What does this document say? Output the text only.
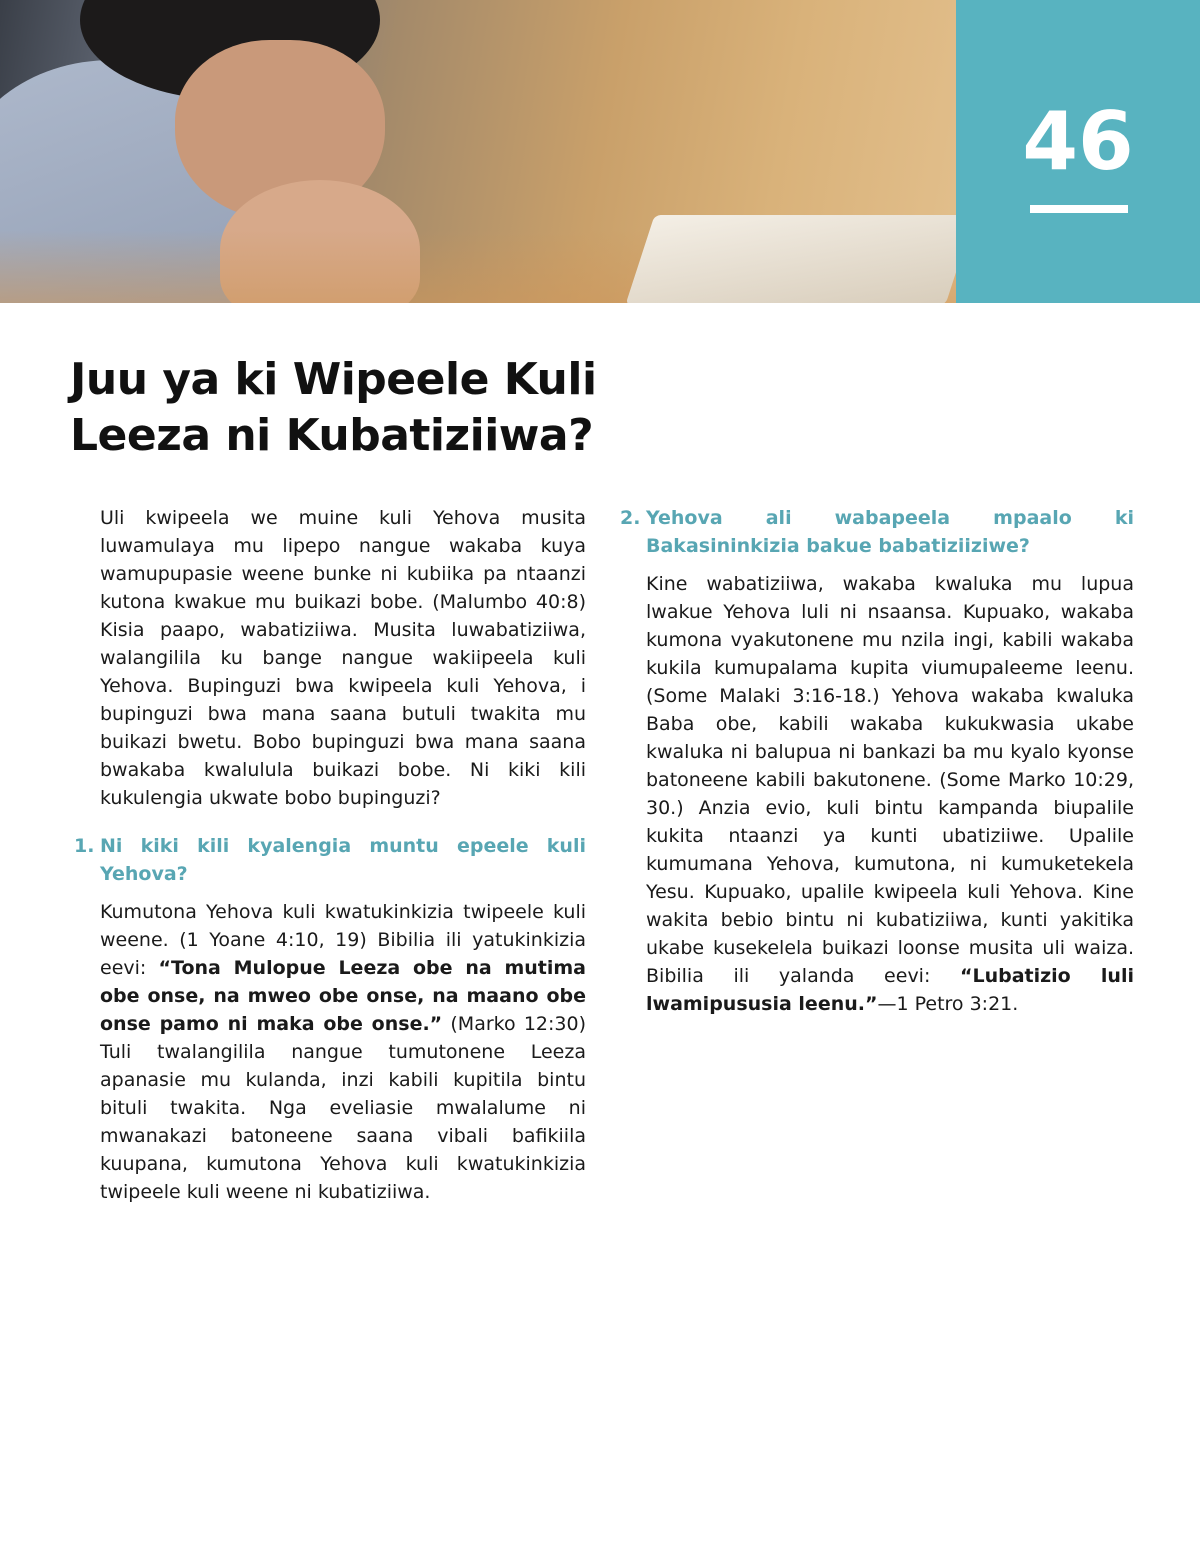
46
Juu ya ki Wipeele Kuli
Leeza ni Kubatiziiwa?

Uli kwipeela we muine kuli Yehova musita luwamulaya mu lipepo nangue wakaba kuya wamupupasie weene bunke ni kubiika pa ntaanzi kutona kwakue mu buikazi bobe. (Malumbo 40:8) Kisia paapo, wabatiziiwa. Musita luwabatiziiwa, walangilila ku bange nangue wakiipeela kuli Yehova. Bupinguzi bwa kwipeela kuli Yehova, i bupinguzi bwa mana saana butuli twakita mu buikazi bwetu. Bobo bupinguzi bwa mana saana bwakaba kwalulula buikazi bobe. Ni kiki kili kukulengia ukwate bobo bupinguzi?

1. Ni kiki kili kyalengia muntu epeele kuli Yehova?

Kumutona Yehova kuli kwatukinkizia twipeele kuli weene. (1 Yoane 4:10, 19) Bibilia ili yatukinkizia eevi: “Tona Mulopue Leeza obe na mutima obe onse, na mweo obe onse, na maano obe onse pamo ni maka obe onse.” (Marko 12:30) Tuli twalangilila nangue tumutonene Leeza apanasie mu kulanda, inzi kabili kupitila bintu bituli twakita. Nga eveliasie mwalalume ni mwanakazi batoneene saana vibali bafikiila kuupana, kumutona Yehova kuli kwatukinkizia twipeele kuli weene ni kubatiziiwa.

2. Yehova ali wabapeela mpaalo ki Bakasininkizia bakue babatiziiziwe?

Kine wabatiziiwa, wakaba kwaluka mu lupua lwakue Yehova luli ni nsaansa. Kupuako, wakaba kumona vyakutonene mu nzila ingi, kabili wakaba kukila kumupalama kupita viumupaleeme leenu. (Some Malaki 3:16-18.) Yehova wakaba kwaluka Baba obe, kabili wakaba kukukwasia ukabe kwaluka ni balupua ni bankazi ba mu kyalo kyonse batoneene kabili bakutonene. (Some Marko 10:29, 30.) Anzia evio, kuli bintu kampanda biupalile kukita ntaanzi ya kunti ubatiziiwe. Upalile kumumana Yehova, kumutona, ni kumuketekela Yesu. Kupuako, upalile kwipeela kuli Yehova. Kine wakita bebio bintu ni kubatiziiwa, kunti yakitika ukabe kusekelela buikazi loonse musita uli waiza. Bibilia ili yalanda eevi: “Lubatizio luli lwamipususia leenu.”—1 Petro 3:21.
